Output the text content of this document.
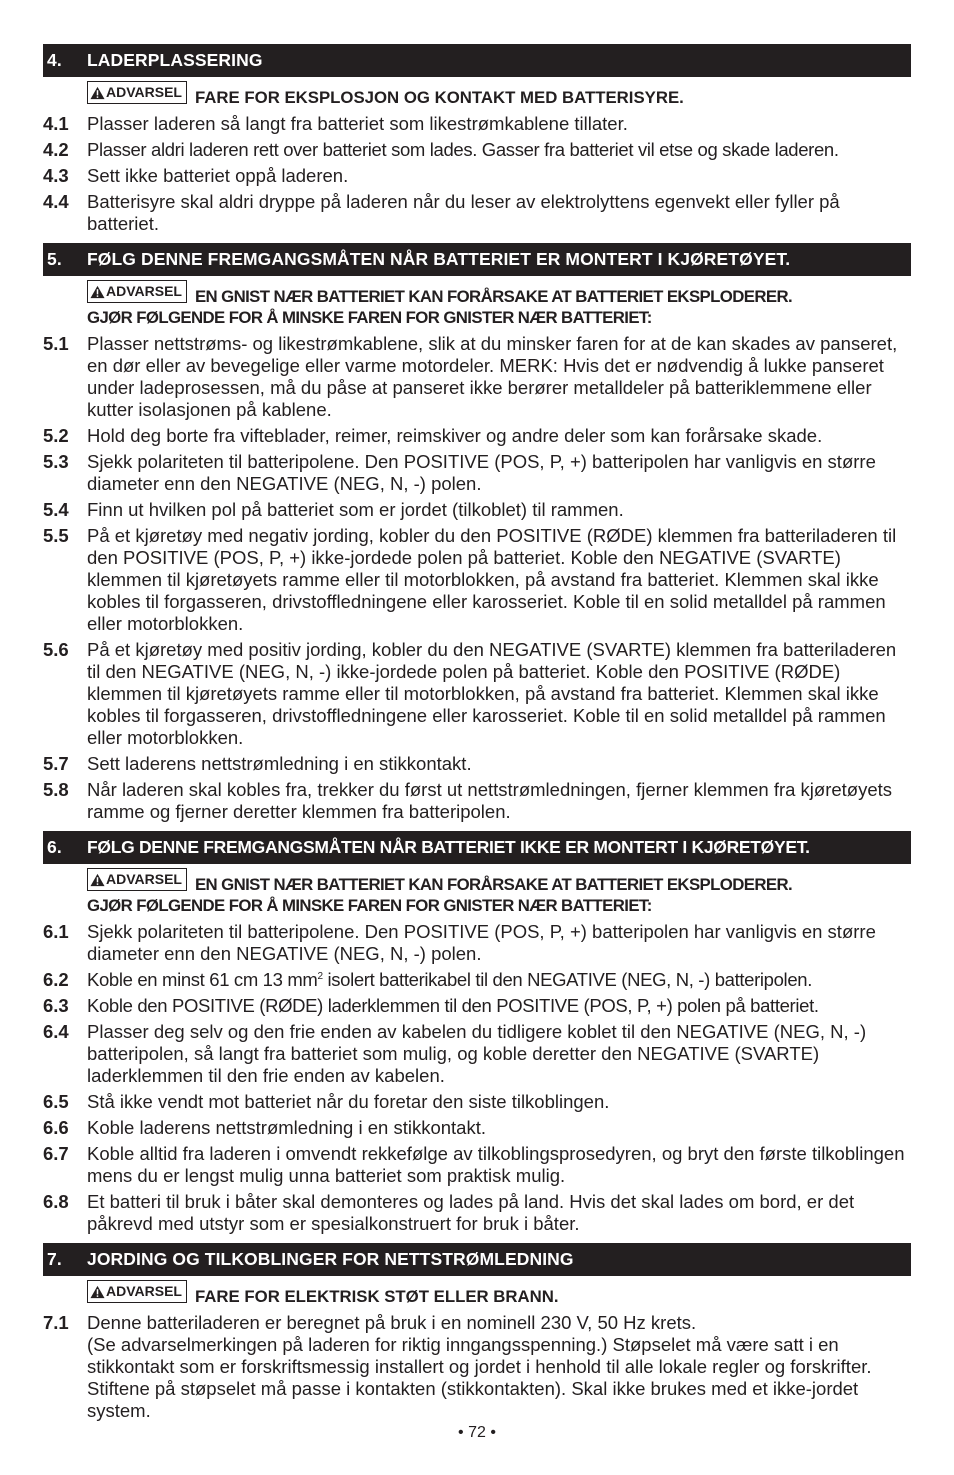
4. LADERPLASSERING
ADVARSEL FARE FOR EKSPLOSJON OG KONTAKT MED BATTERISYRE.
4.1 Plasser laderen så langt fra batteriet som likestrømkablene tillater.
4.2 Plasser aldri laderen rett over batteriet som lades. Gasser fra batteriet vil etse og skade laderen.
4.3 Sett ikke batteriet oppå laderen.
4.4 Batterisyre skal aldri dryppe på laderen når du leser av elektrolyttens egenvekt eller fyller på batteriet.
5. FØLG DENNE FREMGANGSMÅTEN NÅR BATTERIET ER MONTERT I KJØRETØYET.
ADVARSEL EN GNIST NÆR BATTERIET KAN FORÅRSAKE AT BATTERIET EKSPLODERER.
GJØR FØLGENDE FOR Å MINSKE FAREN FOR GNISTER NÆR BATTERIET:
5.1 Plasser nettstrøms- og likestrømkablene, slik at du minsker faren for at de kan skades av panseret, en dør eller av bevegelige eller varme motordeler. MERK: Hvis det er nødvendig å lukke panseret under ladeprosessen, må du påse at panseret ikke berører metalldeler på batteriklemmene eller kutter isolasjonen på kablene.
5.2 Hold deg borte fra vifteblader, reimer, reimskiver og andre deler som kan forårsake skade.
5.3 Sjekk polariteten til batteripolene. Den POSITIVE (POS, P, +) batteripolen har vanligvis en større diameter enn den NEGATIVE (NEG, N, -) polen.
5.4 Finn ut hvilken pol på batteriet som er jordet (tilkoblet) til rammen.
5.5 På et kjøretøy med negativ jording, kobler du den POSITIVE (RØDE) klemmen fra batteriladeren til den POSITIVE (POS, P, +) ikke-jordede polen på batteriet. Koble den NEGATIVE (SVARTE) klemmen til kjøretøyets ramme eller til motorblokken, på avstand fra batteriet. Klemmen skal ikke kobles til forgasseren, drivstoffledningene eller karosseriet. Koble til en solid metalldel på rammen eller motorblokken.
5.6 På et kjøretøy med positiv jording, kobler du den NEGATIVE (SVARTE) klemmen fra batteriladeren til den NEGATIVE (NEG, N, -) ikke-jordede polen på batteriet. Koble den POSITIVE (RØDE) klemmen til kjøretøyets ramme eller til motorblokken, på avstand fra batteriet. Klemmen skal ikke kobles til forgasseren, drivstoffledningene eller karosseriet. Koble til en solid metalldel på rammen eller motorblokken.
5.7 Sett laderens nettstrømledning i en stikkontakt.
5.8 Når laderen skal kobles fra, trekker du først ut nettstrømledningen, fjerner klemmen fra kjøretøyets ramme og fjerner deretter klemmen fra batteripolen.
6. FØLG DENNE FREMGANGSMÅTEN NÅR BATTERIET IKKE ER MONTERT I KJØRETØYET.
ADVARSEL EN GNIST NÆR BATTERIET KAN FORÅRSAKE AT BATTERIET EKSPLODERER.
GJØR FØLGENDE FOR Å MINSKE FAREN FOR GNISTER NÆR BATTERIET:
6.1 Sjekk polariteten til batteripolene. Den POSITIVE (POS, P, +) batteripolen har vanligvis en større diameter enn den NEGATIVE (NEG, N, -) polen.
6.2 Koble en minst 61 cm 13 $mm^2$ isolert batterikabel til den NEGATIVE (NEG, N, -) batteripolen.
6.3 Koble den POSITIVE (RØDE) laderklemmen til den POSITIVE (POS, P, +) polen på batteriet.
6.4 Plasser deg selv og den frie enden av kabelen du tidligere koblet til den NEGATIVE (NEG, N, -) batteripolen, så langt fra batteriet som mulig, og koble deretter den NEGATIVE (SVARTE) laderklemmen til den frie enden av kabelen.
6.5 Stå ikke vendt mot batteriet når du foretar den siste tilkoblingen.
6.6 Koble laderens nettstrømledning i en stikkontakt.
6.7 Koble alltid fra laderen i omvendt rekkefølge av tilkoblingsprosedyren, og bryt den første tilkoblingen mens du er lengst mulig unna batteriet som praktisk mulig.
6.8 Et batteri til bruk i båter skal demonteres og lades på land. Hvis det skal lades om bord, er det påkrevd med utstyr som er spesialkonstruert for bruk i båter.
7. JORDING OG TILKOBLINGER FOR NETTSTRØMLEDNING
ADVARSEL FARE FOR ELEKTRISK STØT ELLER BRANN.
7.1 Denne batteriladeren er beregnet på bruk i en nominell 230 V, 50 Hz krets.
(Se advarselmerkingen på laderen for riktig inngangsspenning.) Støpselet må være satt i en stikkontakt som er forskriftsmessig installert og jordet i henhold til alle lokale regler og forskrifter. Stiftene på støpselet må passe i kontakten (stikkontakten). Skal ikke brukes med et ikke-jordet system.
• 72 •
